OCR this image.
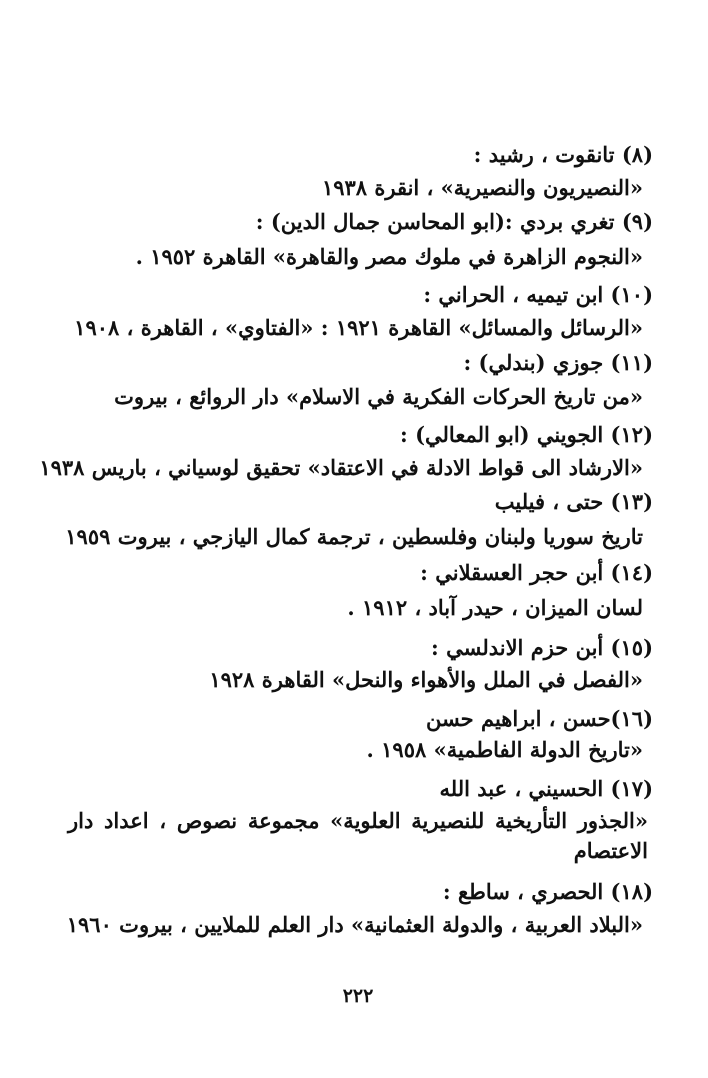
(٨) تانقوت ، رشيد :
«النصيريون والنصيرية» ، انقرة ١٩٣٨
(٩) تغري بردي :(ابو المحاسن جمال الدين) :
«النجوم الزاهرة في ملوك مصر والقاهرة» القاهرة ١٩٥٢ .
(١٠) ابن تيميه ، الحراني :
«الرسائل والمسائل» القاهرة ١٩٢١ : «الفتاوي» ، القاهرة ، ١٩٠٨
(١١) جوزي (بندلي) :
«من تاريخ الحركات الفكرية في الاسلام» دار الروائع ، بيروت
(١٢) الجويني (ابو المعالي) :
«الارشاد الى قواط الادلة في الاعتقاد» تحقيق لوسياني ، باريس ١٩٣٨
(١٣) حتى ، فيليب
تاريخ سوريا ولبنان وفلسطين ، ترجمة كمال اليازجي ، بيروت ١٩٥٩
(١٤) أبن حجر العسقلاني :
لسان الميزان ، حيدر آباد ، ١٩١٢ .
(١٥) أبن حزم الاندلسي :
«الفصل في الملل والأهواء والنحل» القاهرة ١٩٢٨
(١٦)حسن ، ابراهيم حسن
«تاريخ الدولة الفاطمية» ١٩٥٨ .
(١٧) الحسيني ، عبد الله
«الجذور التأريخية للنصيرية العلوية» مجموعة نصوص ، اعداد دار الاعتصام
(١٨) الحصري ، ساطع :
«البلاد العربية ، والدولة العثمانية» دار العلم للملايين ، بيروت ١٩٦٠
٢٢٢
